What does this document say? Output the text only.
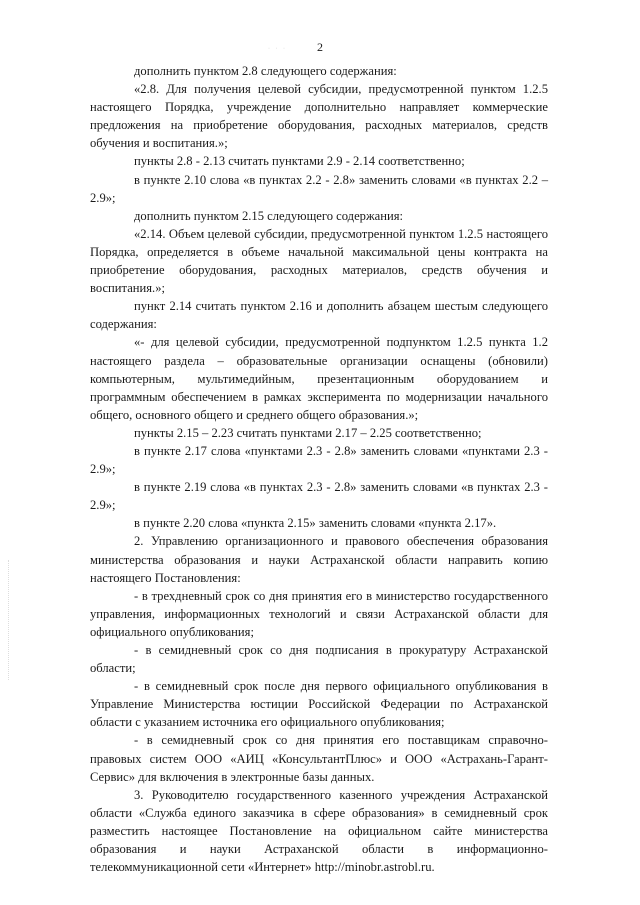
2
· · ·

дополнить пунктом 2.8 следующего содержания:

«2.8. Для получения целевой субсидии, предусмотренной пунктом 1.2.5 настоящего Порядка, учреждение дополнительно направляет коммерческие предложения на приобретение оборудования, расходных материалов, средств обучения и воспитания.»;

пункты 2.8 - 2.13 считать пунктами 2.9 - 2.14 соответственно;

в пункте 2.10 слова «в пунктах 2.2 - 2.8» заменить словами «в пунктах 2.2 – 2.9»;

дополнить пунктом 2.15 следующего содержания:

«2.14. Объем целевой субсидии, предусмотренной пунктом 1.2.5 настоящего Порядка, определяется в объеме начальной максимальной цены контракта на приобретение оборудования, расходных материалов, средств обучения и воспитания.»;

пункт 2.14 считать пунктом 2.16 и дополнить абзацем шестым следующего содержания:

«- для целевой субсидии, предусмотренной подпунктом 1.2.5 пункта 1.2 настоящего раздела – образовательные организации оснащены (обновили) компьютерным, мультимедийным, презентационным оборудованием и программным обеспечением в рамках эксперимента по модернизации начального общего, основного общего и среднего общего образования.»;

пункты 2.15 – 2.23 считать пунктами 2.17 – 2.25 соответственно;

в пункте 2.17 слова «пунктами 2.3 - 2.8» заменить словами «пунктами 2.3 - 2.9»;

в пункте 2.19 слова «в пунктах 2.3 - 2.8» заменить словами «в пунктах 2.3 - 2.9»;

в пункте 2.20 слова «пункта 2.15» заменить словами «пункта 2.17».

2. Управлению организационного и правового обеспечения образования министерства образования и науки Астраханской области направить копию настоящего Постановления:

- в трехдневный срок со дня принятия его в министерство государственного управления, информационных технологий и связи Астраханской области для официального опубликования;

- в семидневный срок со дня подписания в прокуратуру Астраханской области;

- в семидневный срок после дня первого официального опубликования в Управление Министерства юстиции Российской Федерации по Астраханской области с указанием источника его официального опубликования;

- в семидневный срок со дня принятия его поставщикам справочно-правовых систем ООО «АИЦ «КонсультантПлюс» и ООО «Астрахань-Гарант-Сервис» для включения в электронные базы данных.

3. Руководителю государственного казенного учреждения Астраханской области «Служба единого заказчика в сфере образования» в семидневный срок разместить настоящее Постановление на официальном сайте министерства образования и науки Астраханской области в информационно-телекоммуникационной сети «Интернет» http://minobr.astrobl.ru.
